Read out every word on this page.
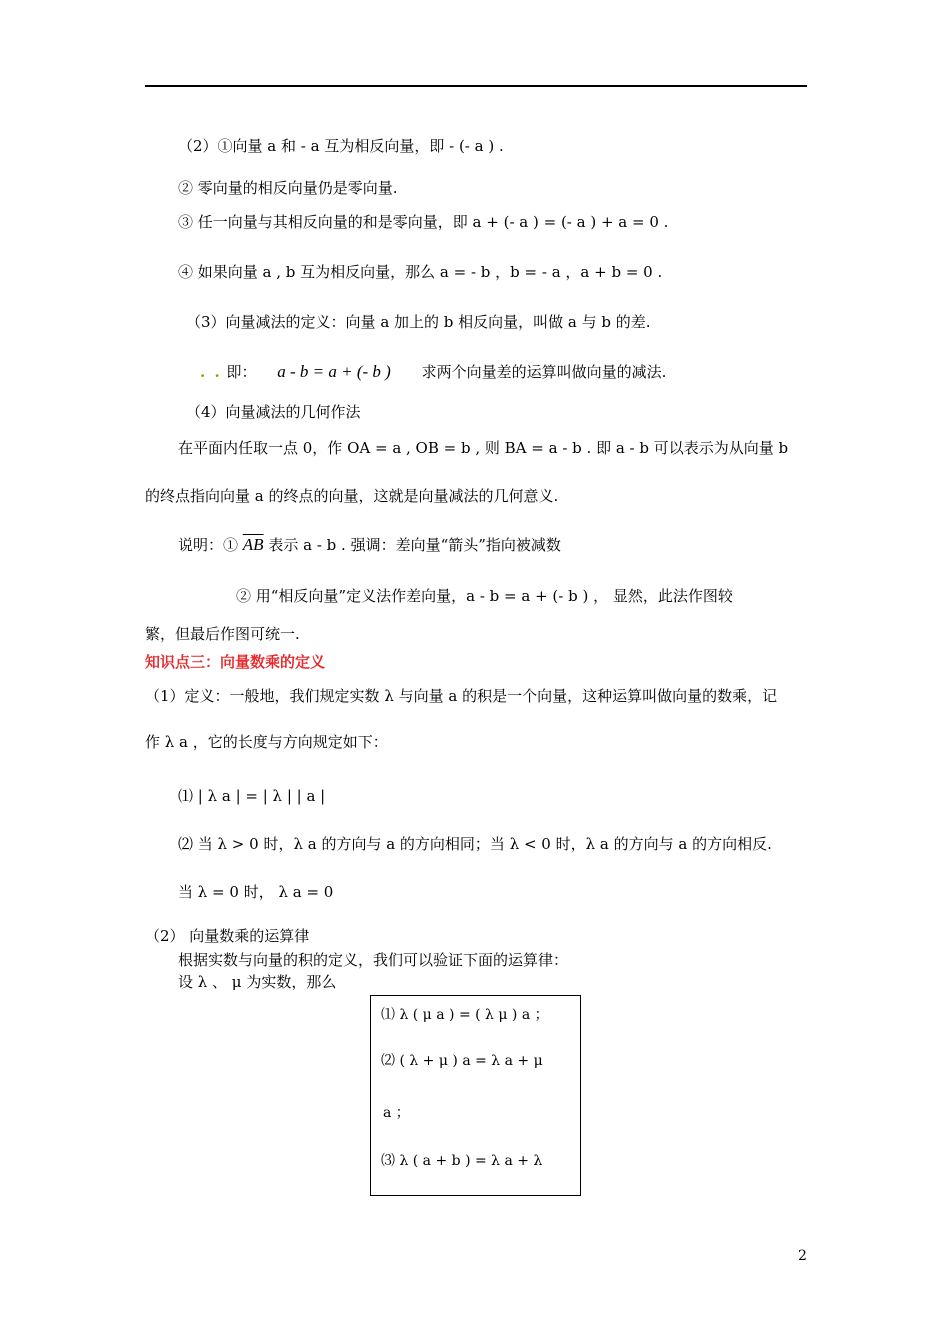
（2）①向量 a 和 - a 互为相反向量，即 - (- a ) .
② 零向量的相反向量仍是零向量.
③ 任一向量与其相反向量的和是零向量，即 a + (- a ) = (- a ) + a = 0 .
④ 如果向量 a , b 互为相反向量，那么 a = - b ，b = - a ，a + b = 0 .
（3）向量减法的定义：向量 a 加上的 b 相反向量，叫做 a 与 b 的差.
. . 即： a - b = a + (- b ) 求两个向量差的运算叫做向量的减法.
（4）向量减法的几何作法
在平面内任取一点 0，作 OA = a , OB = b , 则 BA = a - b . 即 a - b 可以表示为从向量 b
的终点指向向量 a 的终点的向量，这就是向量减法的几何意义.
说明：① $\overline{AB}$ 表示 a - b . 强调：差向量“箭头”指向被减数
② 用“相反向量”定义法作差向量，a - b = a + (- b ) ， 显然，此法作图较
繁，但最后作图可统一.
知识点三：向量数乘的定义
（1）定义：一般地，我们规定实数 λ 与向量 a 的积是一个向量，这种运算叫做向量的数乘，记
作 λ a ，它的长度与方向规定如下：
⑴ | λ a | = | λ | | a |
⑵ 当 λ > 0 时，λ a 的方向与 a 的方向相同；当 λ < 0 时，λ a 的方向与 a 的方向相反.
当 λ = 0 时， λ a = 0
（2） 向量数乘的运算律
根据实数与向量的积的定义，我们可以验证下面的运算律：
设 λ 、 μ 为实数，那么
⑴ λ ( μ a ) = ( λ μ ) a ；
⑵ ( λ + μ ) a = λ a + μ
a ；
⑶ λ ( a + b ) = λ a + λ
2
